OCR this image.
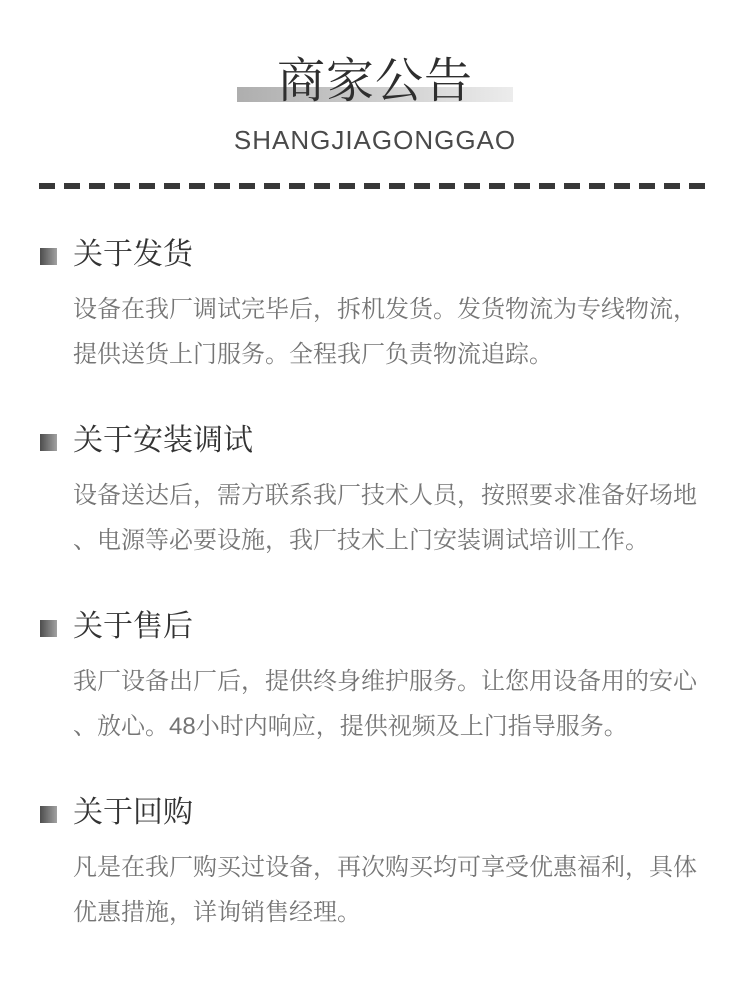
商家公告
SHANGJIAGONGGAO
关于发货
设备在我厂调试完毕后，拆机发货。发货物流为专线物流，
提供送货上门服务。全程我厂负责物流追踪。
关于安装调试
设备送达后，需方联系我厂技术人员，按照要求准备好场地
、电源等必要设施，我厂技术上门安装调试培训工作。
关于售后
我厂设备出厂后，提供终身维护服务。让您用设备用的安心
、放心。48小时内响应，提供视频及上门指导服务。
关于回购
凡是在我厂购买过设备，再次购买均可享受优惠福利，具体
优惠措施，详询销售经理。
